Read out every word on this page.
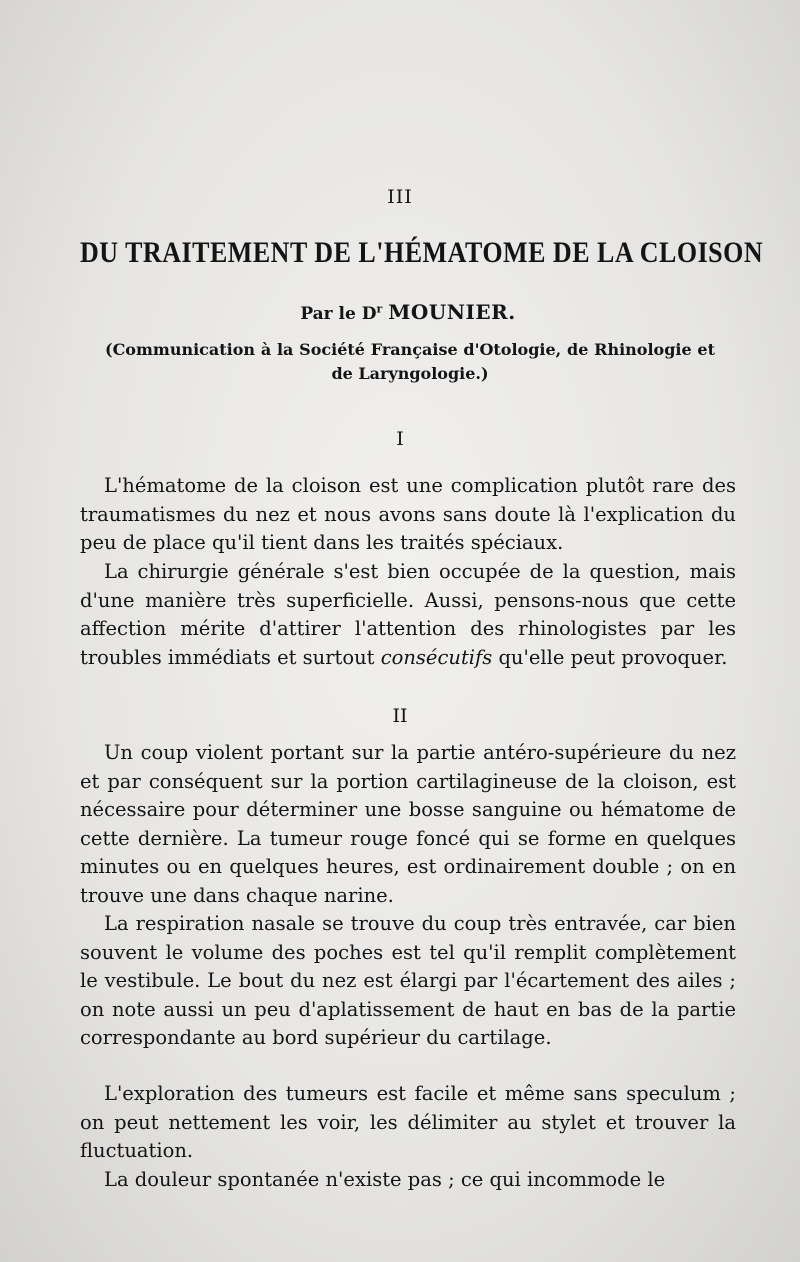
III
DU TRAITEMENT DE L'HÉMATOME DE LA CLOISON
Par le $D^r$ MOUNIER.
(Communication à la Société Française d'Otologie, de Rhinologie et de Laryngologie.)
I

L'hématome de la cloison est une complication plutôt rare des traumatismes du nez et nous avons sans doute là l'explication du peu de place qu'il tient dans les traités spéciaux.

La chirurgie générale s'est bien occupée de la question, mais d'une manière très superficielle. Aussi, pensons-nous que cette affection mérite d'attirer l'attention des rhinologistes par les troubles immédiats et surtout consécutifs qu'elle peut provoquer.

II

Un coup violent portant sur la partie antéro-supérieure du nez et par conséquent sur la portion cartilagineuse de la cloison, est nécessaire pour déterminer une bosse sanguine ou hématome de cette dernière. La tumeur rouge foncé qui se forme en quelques minutes ou en quelques heures, est ordinairement double ; on en trouve une dans chaque narine.

La respiration nasale se trouve du coup très entravée, car bien souvent le volume des poches est tel qu'il remplit complètement le vestibule. Le bout du nez est élargi par l'écartement des ailes ; on note aussi un peu d'aplatissement de haut en bas de la partie correspondante au bord supérieur du cartilage.

L'exploration des tumeurs est facile et même sans speculum ; on peut nettement les voir, les délimiter au stylet et trouver la fluctuation.

La douleur spontanée n'existe pas ; ce qui incommode le
